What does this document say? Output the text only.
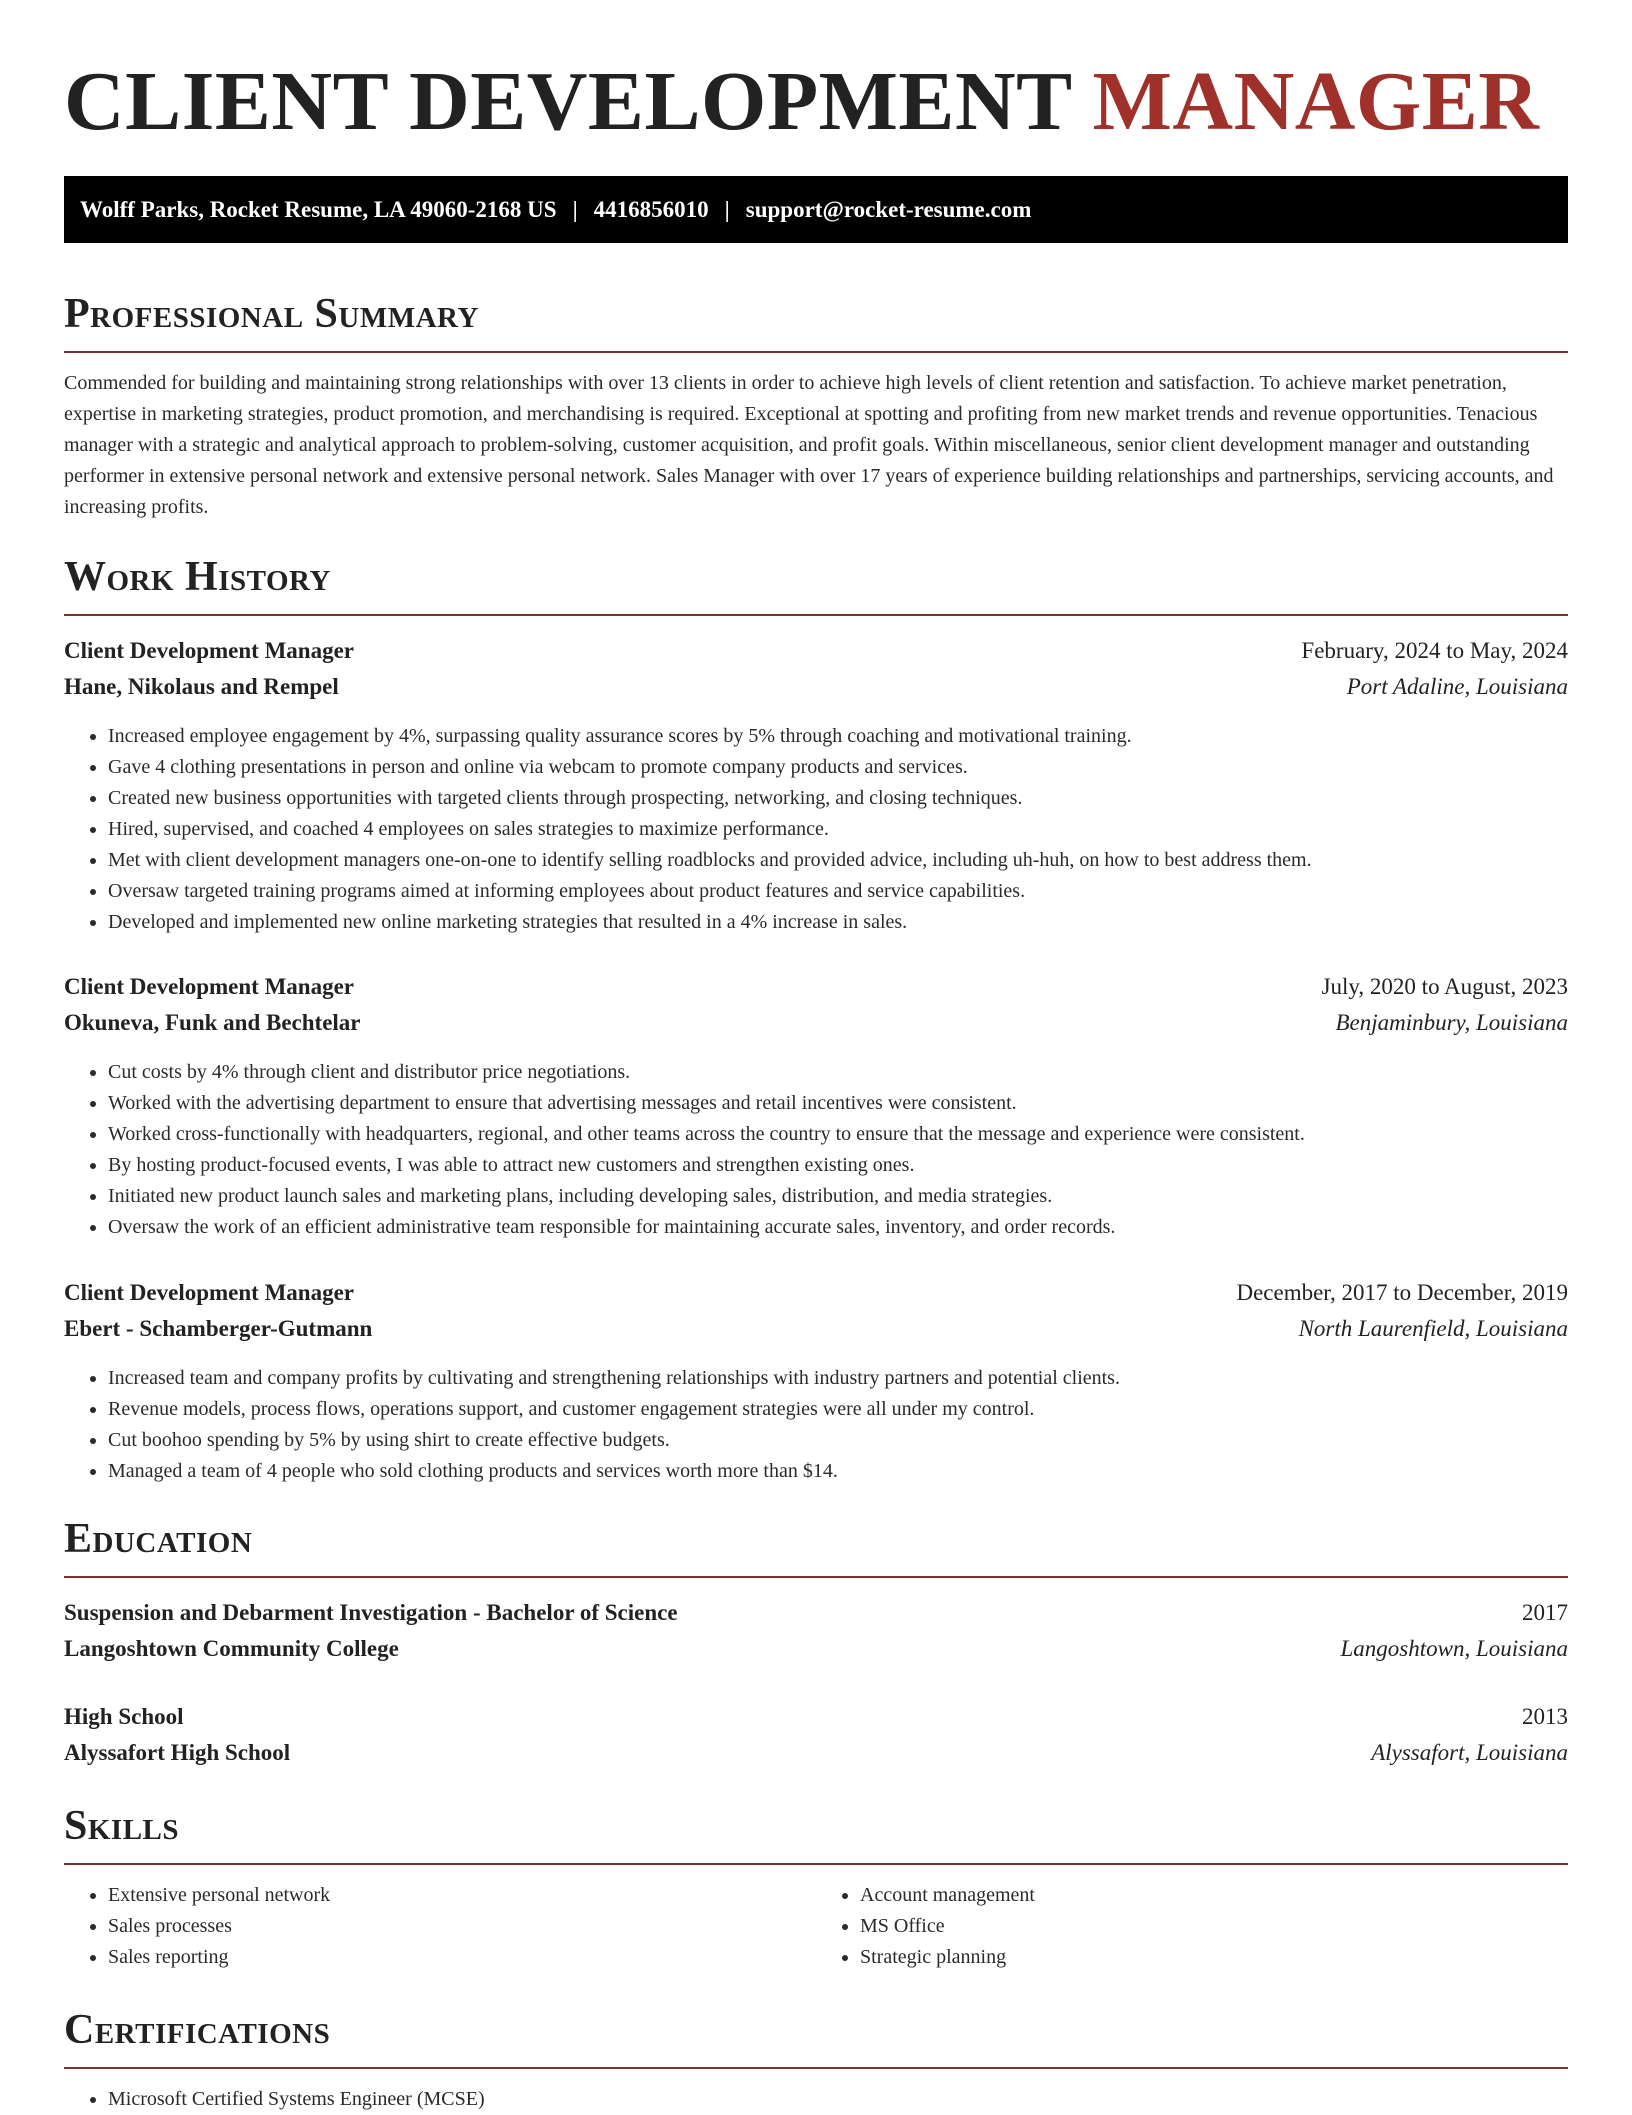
CLIENT DEVELOPMENT MANAGER
Wolff Parks, Rocket Resume, LA 49060-2168 US | 4416856010 | support@rocket-resume.com
Professional Summary

Commended for building and maintaining strong relationships with over 13 clients in order to achieve high levels of client retention and satisfaction. To achieve market penetration, expertise in marketing strategies, product promotion, and merchandising is required. Exceptional at spotting and profiting from new market trends and revenue opportunities. Tenacious manager with a strategic and analytical approach to problem-solving, customer acquisition, and profit goals. Within miscellaneous, senior client development manager and outstanding performer in extensive personal network and extensive personal network. Sales Manager with over 17 years of experience building relationships and partnerships, servicing accounts, and increasing profits.

Work History
Client Development Manager	February, 2024 to May, 2024
Hane, Nikolaus and Rempel	Port Adaline, Louisiana
• Increased employee engagement by 4%, surpassing quality assurance scores by 5% through coaching and motivational training.
• Gave 4 clothing presentations in person and online via webcam to promote company products and services.
• Created new business opportunities with targeted clients through prospecting, networking, and closing techniques.
• Hired, supervised, and coached 4 employees on sales strategies to maximize performance.
• Met with client development managers one-on-one to identify selling roadblocks and provided advice, including uh-huh, on how to best address them.
• Oversaw targeted training programs aimed at informing employees about product features and service capabilities.
• Developed and implemented new online marketing strategies that resulted in a 4% increase in sales.
Client Development Manager	July, 2020 to August, 2023
Okuneva, Funk and Bechtelar	Benjaminbury, Louisiana
• Cut costs by 4% through client and distributor price negotiations.
• Worked with the advertising department to ensure that advertising messages and retail incentives were consistent.
• Worked cross-functionally with headquarters, regional, and other teams across the country to ensure that the message and experience were consistent.
• By hosting product-focused events, I was able to attract new customers and strengthen existing ones.
• Initiated new product launch sales and marketing plans, including developing sales, distribution, and media strategies.
• Oversaw the work of an efficient administrative team responsible for maintaining accurate sales, inventory, and order records.
Client Development Manager	December, 2017 to December, 2019
Ebert - Schamberger-Gutmann	North Laurenfield, Louisiana
• Increased team and company profits by cultivating and strengthening relationships with industry partners and potential clients.
• Revenue models, process flows, operations support, and customer engagement strategies were all under my control.
• Cut boohoo spending by 5% by using shirt to create effective budgets.
• Managed a team of 4 people who sold clothing products and services worth more than $14.
Education
Suspension and Debarment Investigation - Bachelor of Science	2017
Langoshtown Community College	Langoshtown, Louisiana
High School	2013
Alyssafort High School	Alyssafort, Louisiana
Skills
• Extensive personal network
• Sales processes
• Sales reporting
• Account management
• MS Office
• Strategic planning
Certifications
• Microsoft Certified Systems Engineer (MCSE)
